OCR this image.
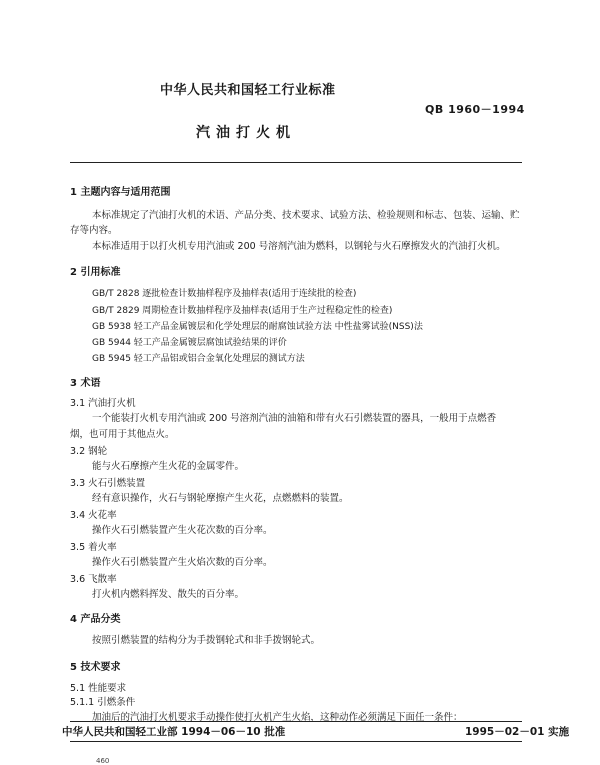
中华人民共和国轻工行业标准
QB 1960－1994
汽油打火机
1 主题内容与适用范围
本标准规定了汽油打火机的术语、产品分类、技术要求、试验方法、检验规则和标志、包装、运输、贮
存等内容。
本标准适用于以打火机专用汽油或 200 号溶剂汽油为燃料，以钢轮与火石摩擦发火的汽油打火机。
2 引用标准
GB/T 2828 逐批检查计数抽样程序及抽样表(适用于连续批的检查)
GB/T 2829 周期检查计数抽样程序及抽样表(适用于生产过程稳定性的检查)
GB 5938 轻工产品金属镀层和化学处理层的耐腐蚀试验方法 中性盐雾试验(NSS)法
GB 5944 轻工产品金属镀层腐蚀试验结果的评价
GB 5945 轻工产品铝或铝合金氧化处理层的测试方法
3 术语
3.1 汽油打火机
一个能装打火机专用汽油或 200 号溶剂汽油的油箱和带有火石引燃装置的器具，一般用于点燃香
烟，也可用于其他点火。
3.2 钢轮
能与火石摩擦产生火花的金属零件。
3.3 火石引燃装置
经有意识操作，火石与钢轮摩擦产生火花，点燃燃料的装置。
3.4 火花率
操作火石引燃装置产生火花次数的百分率。
3.5 着火率
操作火石引燃装置产生火焰次数的百分率。
3.6 飞散率
打火机内燃料挥发、散失的百分率。
4 产品分类
按照引燃装置的结构分为手拨钢轮式和非手拨钢轮式。
5 技术要求
5.1 性能要求
5.1.1 引燃条件
加油后的汽油打火机要求手动操作使打火机产生火焰，这种动作必须满足下面任一条件：
中华人民共和国轻工业部 1994－06－10 批准	1995－02－01 实施
460
